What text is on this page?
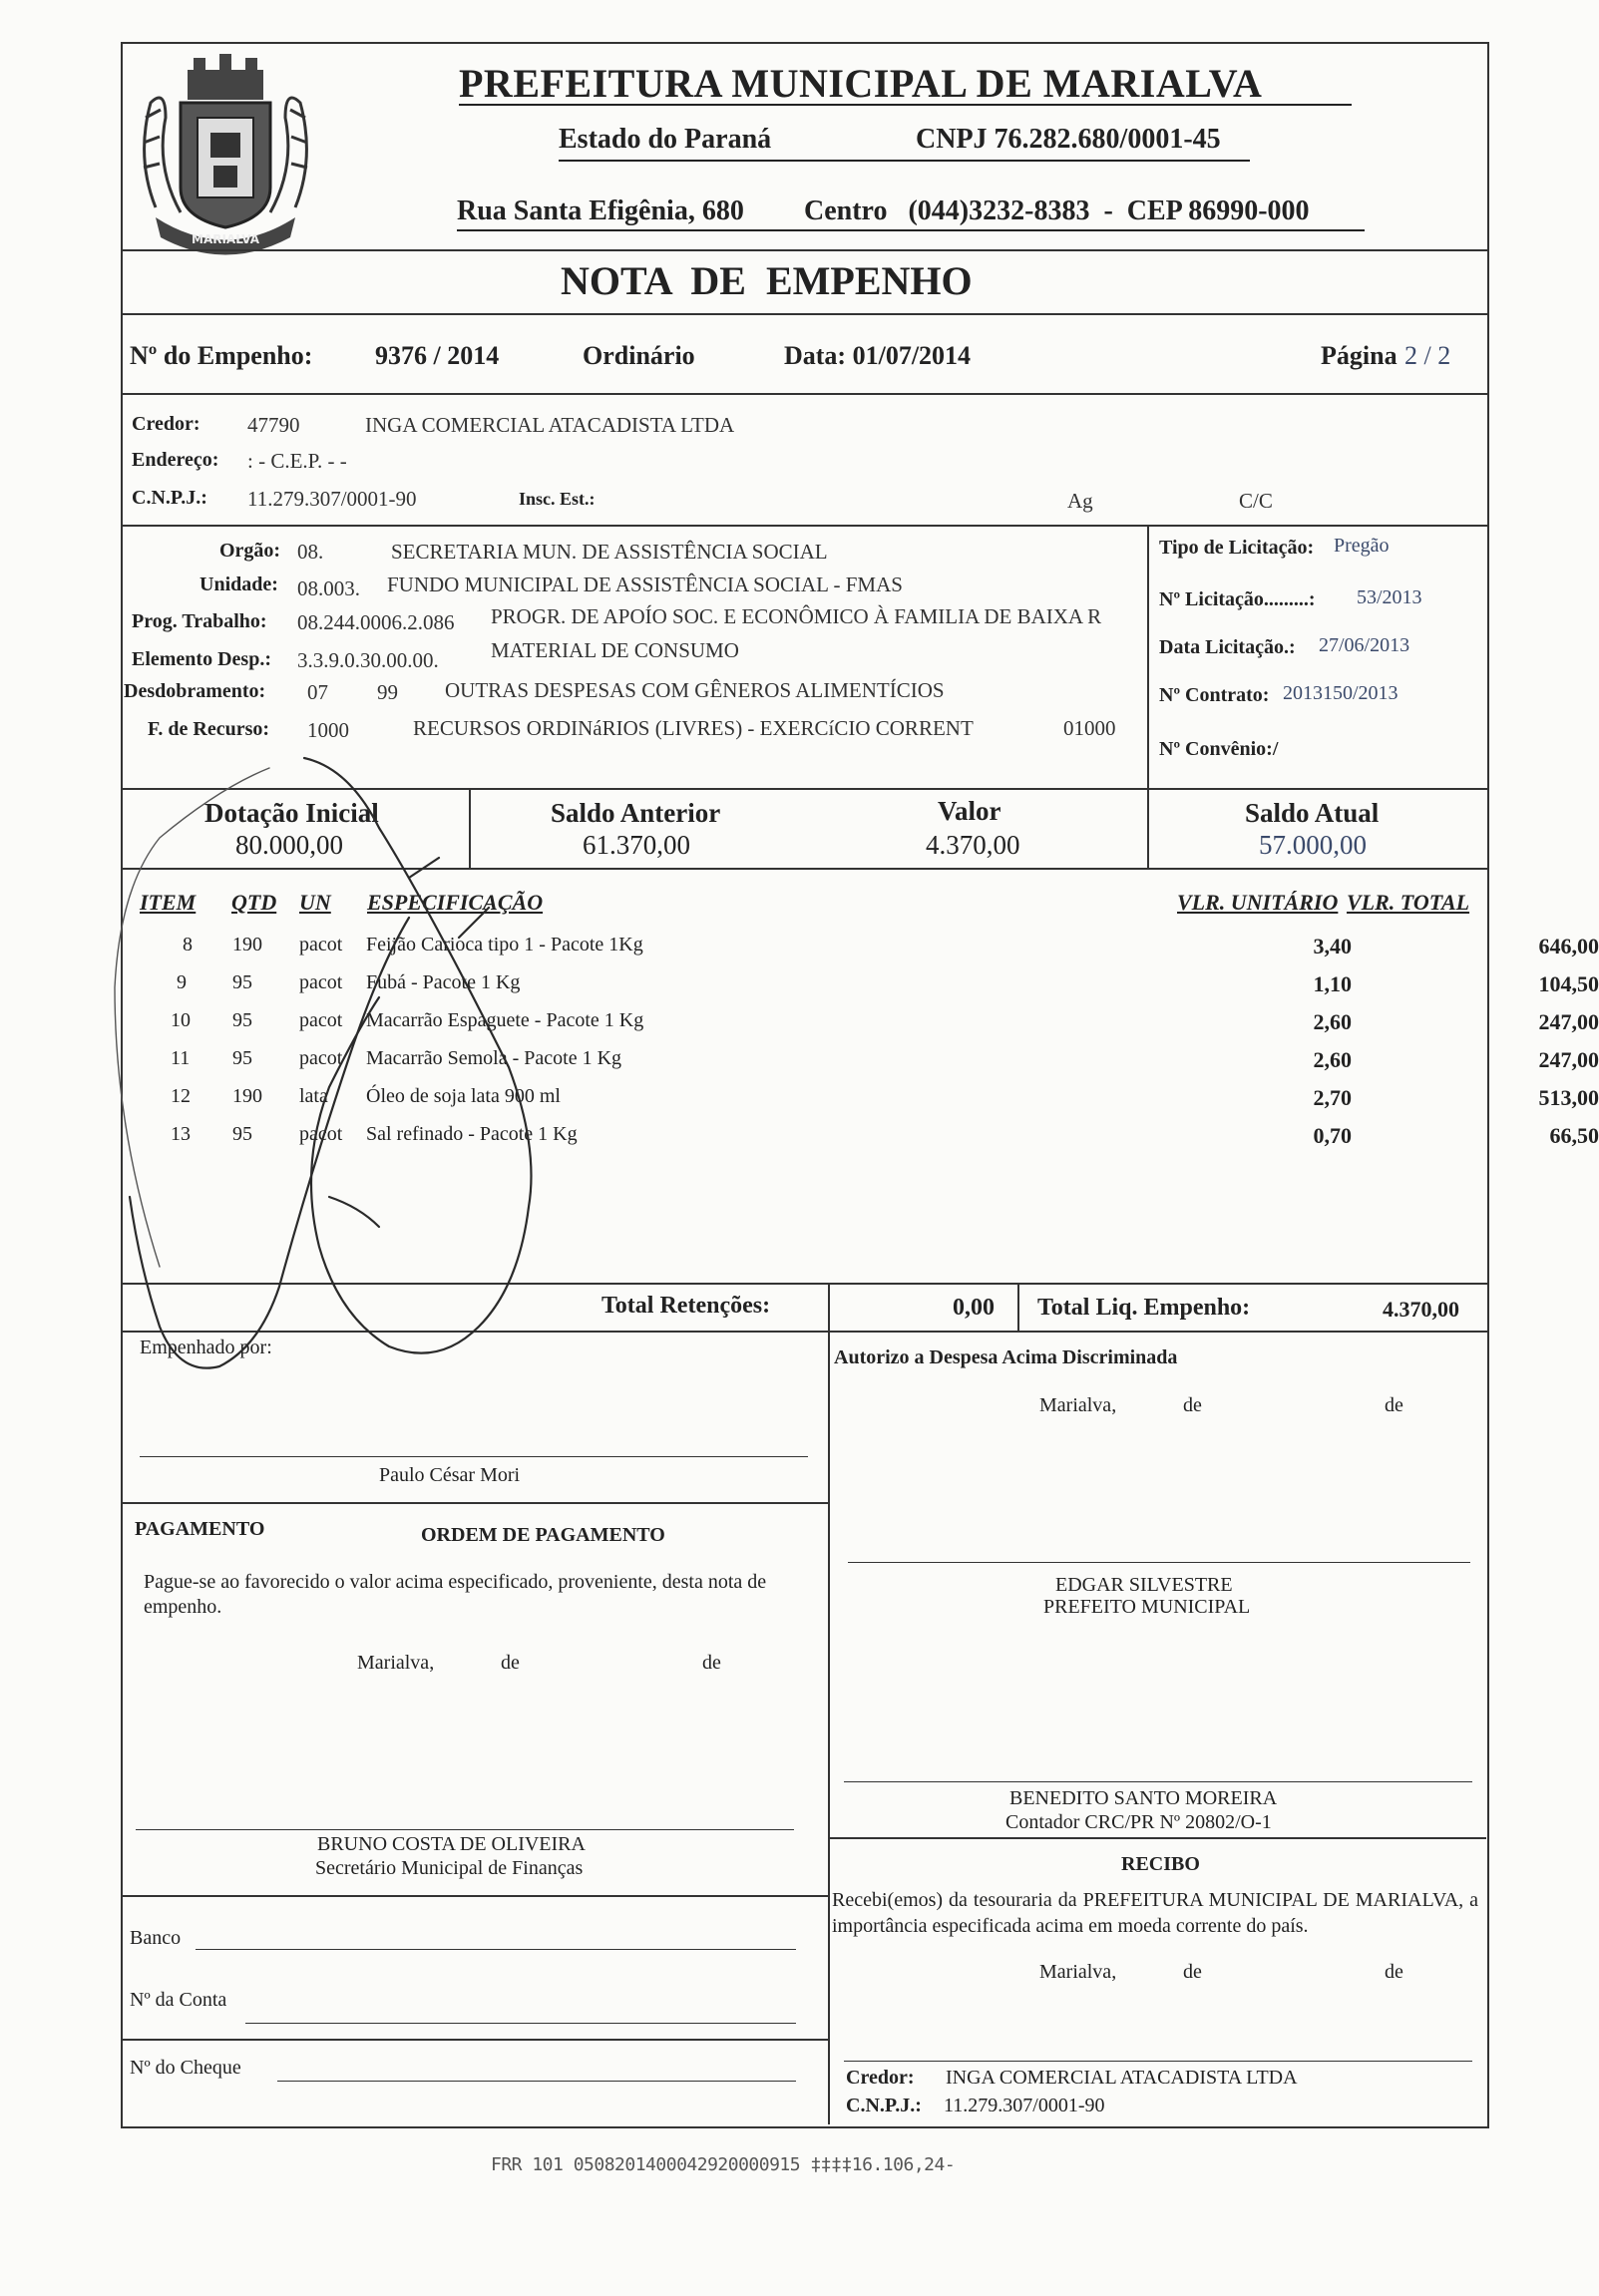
MARIALVA
PREFEITURA MUNICIPAL DE MARIALVA
Estado do Paraná	CNPJ 76.282.680/0001-45
Rua Santa Efigênia, 680 Centro   (044)3232-8383  -  CEP 86990-000
NOTA  DE  EMPENHO
Nº do Empenho: 9376 / 2014	Ordinário	Data: 01/07/2014	Página 2 / 2
Credor: 47790	INGA COMERCIAL ATACADISTA LTDA
Endereço: : - C.E.P. - -
C.N.P.J.: 11.279.307/0001-90	Insc. Est.:	Ag	C/C
Orgão: 08.	SECRETARIA MUN. DE ASSISTÊNCIA SOCIAL
Unidade: 08.003. FUNDO MUNICIPAL DE ASSISTÊNCIA SOCIAL - FMAS
Prog. Trabalho: 08.244.0006.2.086 PROGR. DE APOÍO SOC. E ECONÔMICO À FAMILIA DE BAIXA R
Elemento Desp.: 3.3.9.0.30.00.00. MATERIAL DE CONSUMO
Desdobramento: 07 99 OUTRAS DESPESAS COM GÊNEROS ALIMENTÍCIOS
F. de Recurso: 1000	RECURSOS ORDINáRIOS (LIVRES) - EXERCíCIO CORRENT	01000
Tipo de Licitação: Pregão
Nº Licitação.........: 53/2013
Data Licitação.: 27/06/2013
Nº Contrato: 2013150/2013
Nº Convênio:/
Dotação Inicial
80.000,00
Saldo Anterior
61.370,00
Valor
4.370,00
Saldo Atual
57.000,00
ITEM QTD UN ESPECIFICAÇÃO	VLR. UNITÁRIO VLR. TOTAL
8 190 pacot Feijão Carioca tipo 1 - Pacote 1Kg	3,40	646,00
9 95 pacot Fubá - Pacote 1 Kg	1,10	104,50
10 95 pacot Macarrão Espaguete - Pacote 1 Kg	2,60	247,00
11 95 pacot Macarrão Semola - Pacote 1 Kg	2,60	247,00
12 190 lata Óleo de soja lata 900 ml	2,70	513,00
13 95 pacot Sal refinado - Pacote 1 Kg	0,70	66,50
Total Retenções:	0,00 Total Liq. Empenho:	4.370,00
Empenhado por:
Paulo César Mori
Autorizo a Despesa Acima Discriminada
Marialva,	de	de
PAGAMENTO	ORDEM DE PAGAMENTO
Pague-se ao favorecido o valor acima especificado, proveniente, desta nota de empenho.
Marialva,	de	de
EDGAR SILVESTRE
PREFEITO MUNICIPAL
BENEDITO SANTO MOREIRA
Contador CRC/PR Nº 20802/O-1
BRUNO COSTA DE OLIVEIRA
Secretário Municipal de Finanças	RECIBO
Recebi(emos) da tesouraria da PREFEITURA MUNICIPAL DE MARIALVA, a importância especificada acima em moeda corrente do país.
Marialva,	de	de
Credor: INGA COMERCIAL ATACADISTA LTDA
C.N.P.J.: 11.279.307/0001-90
Banco
Nº da Conta
Nº do Cheque
FRR 101 0508201400042920000915 ‡‡‡‡16.106,24-
